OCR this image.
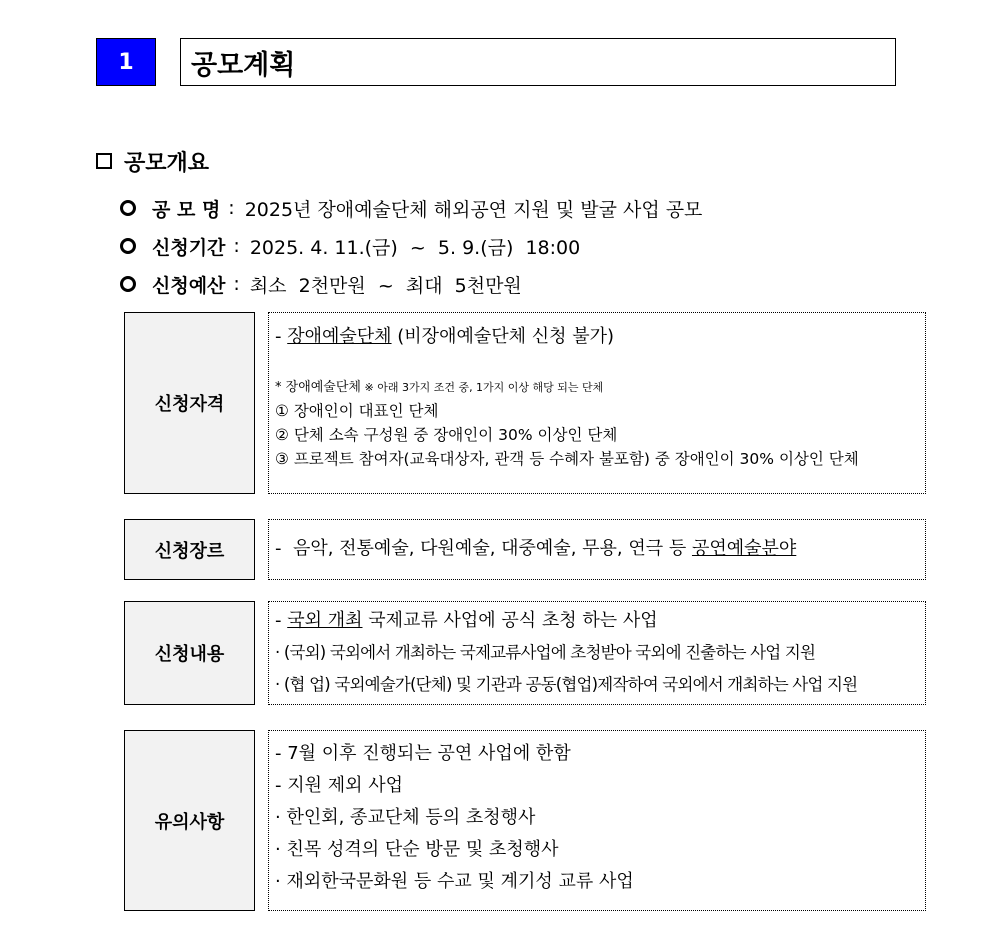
1	공모계획
공모개요
공 모 명 : 2025년 장애예술단체 해외공연 지원 및 발굴 사업 공모
신청기간 : 2025. 4. 11.(금)  ~  5. 9.(금)  18:00
신청예산 : 최소  2천만원  ~  최대  5천만원
신청자격
- 장애예술단체 (비장애예술단체 신청 불가)
* 장애예술단체 ※ 아래 3가지 조건 중, 1가지 이상 해당 되는 단체
① 장애인이 대표인 단체
② 단체 소속 구성원 중 장애인이 30% 이상인 단체
③ 프로젝트 참여자(교육대상자, 관객 등 수혜자 불포함) 중 장애인이 30% 이상인 단체
신청장르	-  음악, 전통예술, 다원예술, 대중예술, 무용, 연극 등 공연예술분야
신청내용
- 국외 개최 국제교류 사업에 공식 초청 하는 사업
· (국외) 국외에서 개최하는 국제교류사업에 초청받아 국외에 진출하는 사업 지원
· (협 업) 국외예술가(단체) 및 기관과 공동(협업)제작하여 국외에서 개최하는 사업 지원
유의사항
- 7월 이후 진행되는 공연 사업에 한함
- 지원 제외 사업
· 한인회, 종교단체 등의 초청행사
· 친목 성격의 단순 방문 및 초청행사
· 재외한국문화원 등 수교 및 계기성 교류 사업
